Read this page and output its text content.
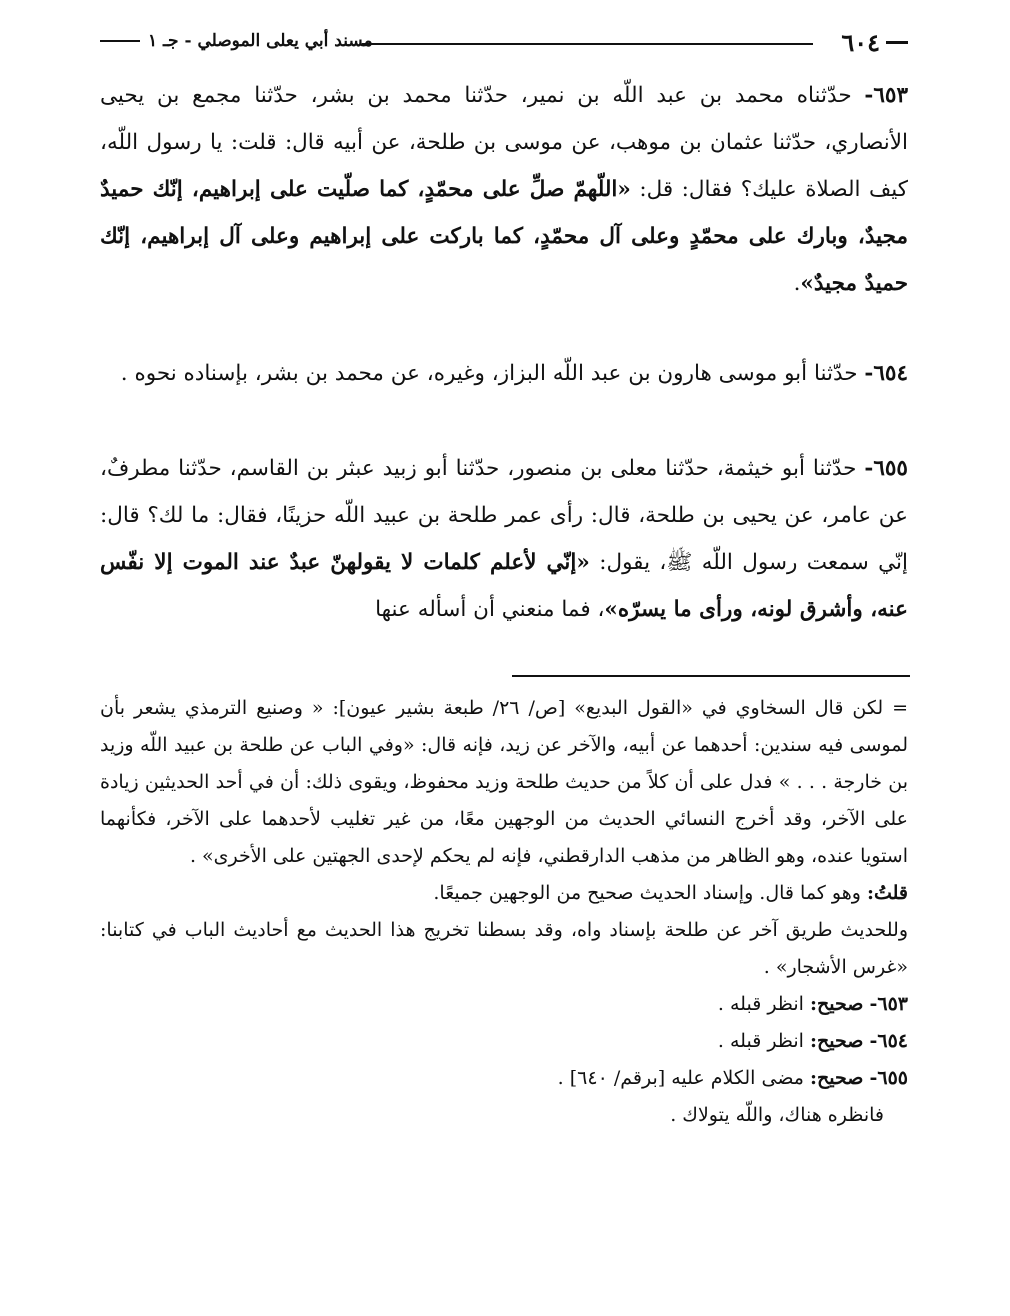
٦٠٤
مسند أبي يعلى الموصلي - جـ ١

٦٥٣- حدّثناه محمد بن عبد اللّه بن نمير، حدّثنا محمد بن بشر، حدّثنا مجمع بن يحيى الأنصاري، حدّثنا عثمان بن موهب، عن موسى بن طلحة، عن أبيه قال: قلت: يا رسول اللّه، كيف الصلاة عليك؟ فقال: قل: «اللّهمّ صلِّ على محمّدٍ، كما صلّيت على إبراهيم، إنّك حميدٌ مجيدٌ، وبارك على محمّدٍ وعلى آل محمّدٍ، كما باركت على إبراهيم وعلى آل إبراهيم، إنّك حميدٌ مجيدٌ».

٦٥٤- حدّثنا أبو موسى هارون بن عبد اللّه البزاز، وغيره، عن محمد بن بشر، بإسناده نحوه .

٦٥٥- حدّثنا أبو خيثمة، حدّثنا معلى بن منصور، حدّثنا أبو زبيد عبثر بن القاسم، حدّثنا مطرفٌ، عن عامر، عن يحيى بن طلحة، قال: رأى عمر طلحة بن عبيد اللّه حزينًا، فقال: ما لك؟ قال: إنّي سمعت رسول اللّه ﷺ، يقول: «إنّي لأعلم كلمات لا يقولهنّ عبدٌ عند الموت إلا نفّس عنه، وأشرق لونه، ورأى ما يسرّه»، فما منعني أن أسأله عنها

= لكن قال السخاوي في «القول البديع» [ص/ ٢٦/ طبعة بشير عيون]: « وصنيع الترمذي يشعر بأن لموسى فيه سندين: أحدهما عن أبيه، والآخر عن زيد، فإنه قال: «وفي الباب عن طلحة بن عبيد اللّه وزيد بن خارجة . . . » فدل على أن كلاً من حديث طلحة وزيد محفوظ، ويقوى ذلك: أن في أحد الحديثين زيادة على الآخر، وقد أخرج النسائي الحديث من الوجهين معًا، من غير تغليب لأحدهما على الآخر، فكأنهما استويا عنده، وهو الظاهر من مذهب الدارقطني، فإنه لم يحكم لإحدى الجهتين على الأخرى» .

قلتُ: وهو كما قال. وإسناد الحديث صحيح من الوجهين جميعًا.

وللحديث طريق آخر عن طلحة بإسناد واه، وقد بسطنا تخريج هذا الحديث مع أحاديث الباب في كتابنا: «غرس الأشجار» .

٦٥٣- صحيح: انظر قبله .

٦٥٤- صحيح: انظر قبله .

٦٥٥- صحيح: مضى الكلام عليه [برقم/ ٦٤٠] .

فانظره هناك، واللّه يتولاك .
